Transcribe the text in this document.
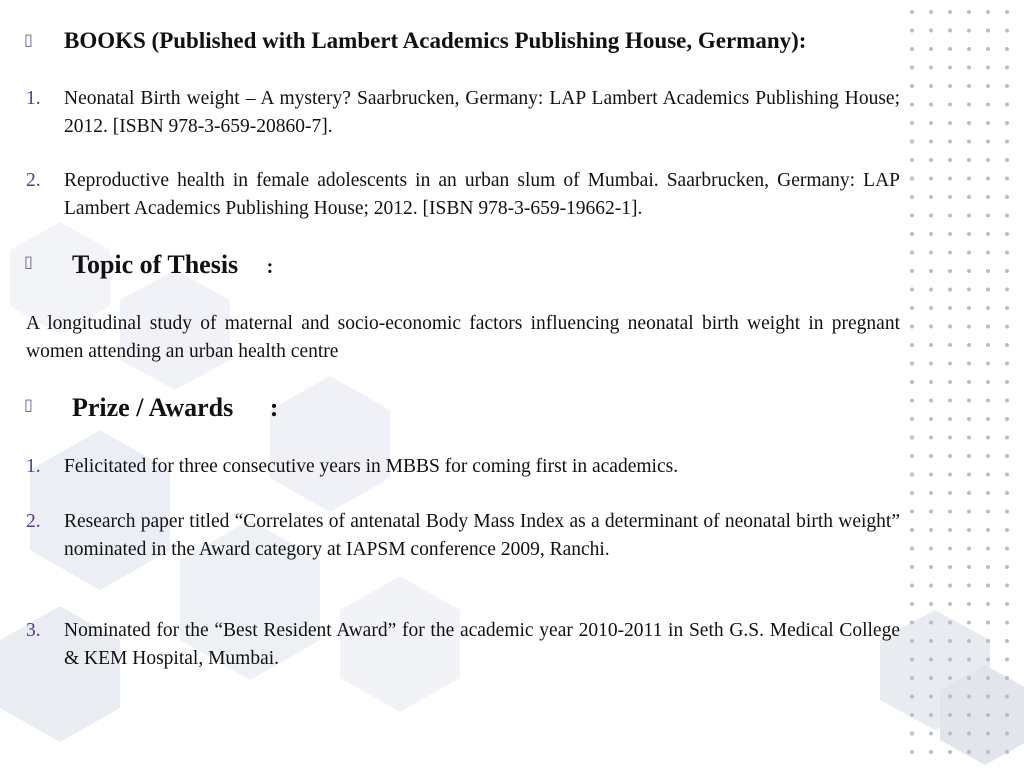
▯ BOOKS (Published with Lambert Academics Publishing House, Germany):
1. Neonatal Birth weight – A mystery? Saarbrucken, Germany: LAP Lambert Academics Publishing House; 2012. [ISBN 978-3-659-20860-7].
2. Reproductive health in female adolescents in an urban slum of Mumbai. Saarbrucken, Germany: LAP Lambert Academics Publishing House; 2012. [ISBN 978-3-659-19662-1].
▯ Topic of Thesis :
A longitudinal study of maternal and socio-economic factors influencing neonatal birth weight in pregnant women attending an urban health centre
▯ Prize / Awards :
1. Felicitated for three consecutive years in MBBS for coming first in academics.
2. Research paper titled “Correlates of antenatal Body Mass Index as a determinant of neonatal birth weight” nominated in the Award category at IAPSM conference 2009, Ranchi.
3. Nominated for the “Best Resident Award” for the academic year 2010-2011 in Seth G.S. Medical College & KEM Hospital, Mumbai.
